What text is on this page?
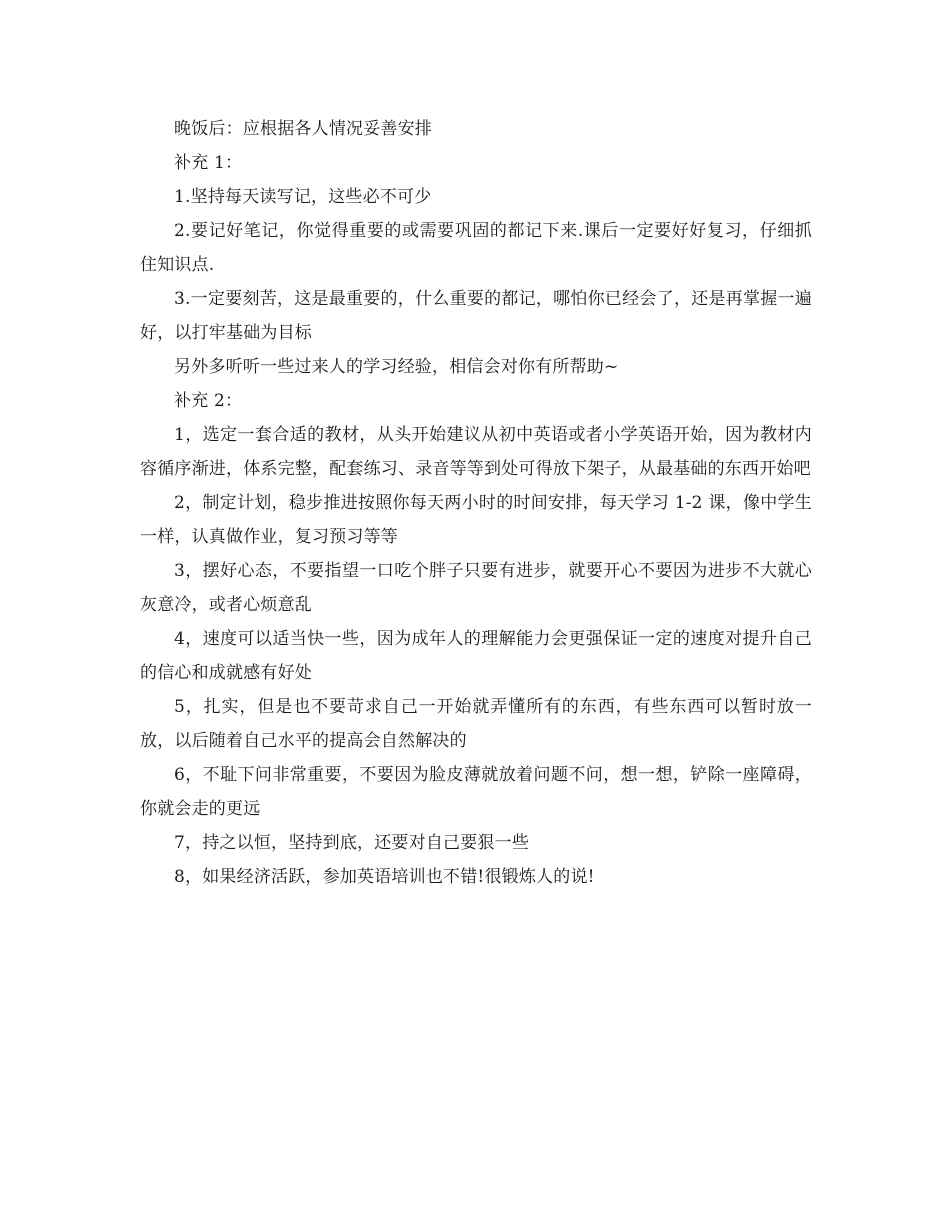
晚饭后：应根据各人情况妥善安排

补充 1：

1.坚持每天读写记，这些必不可少

2.要记好笔记，你觉得重要的或需要巩固的都记下来.课后一定要好好复习，仔细抓住知识点.

3.一定要刻苦，这是最重要的，什么重要的都记，哪怕你已经会了，还是再掌握一遍好，以打牢基础为目标

另外多听听一些过来人的学习经验，相信会对你有所帮助~

补充 2：

1，选定一套合适的教材，从头开始建议从初中英语或者小学英语开始，因为教材内容循序渐进，体系完整，配套练习、录音等等到处可得放下架子，从最基础的东西开始吧

2，制定计划，稳步推进按照你每天两小时的时间安排，每天学习 1-2 课，像中学生一样，认真做作业，复习预习等等

3，摆好心态，不要指望一口吃个胖子只要有进步，就要开心不要因为进步不大就心灰意冷，或者心烦意乱

4，速度可以适当快一些，因为成年人的理解能力会更强保证一定的速度对提升自己的信心和成就感有好处

5，扎实，但是也不要苛求自己一开始就弄懂所有的东西，有些东西可以暂时放一放，以后随着自己水平的提高会自然解决的

6，不耻下问非常重要，不要因为脸皮薄就放着问题不问，想一想，铲除一座障碍，你就会走的更远

7，持之以恒，坚持到底，还要对自己要狠一些

8，如果经济活跃，参加英语培训也不错!很锻炼人的说!
